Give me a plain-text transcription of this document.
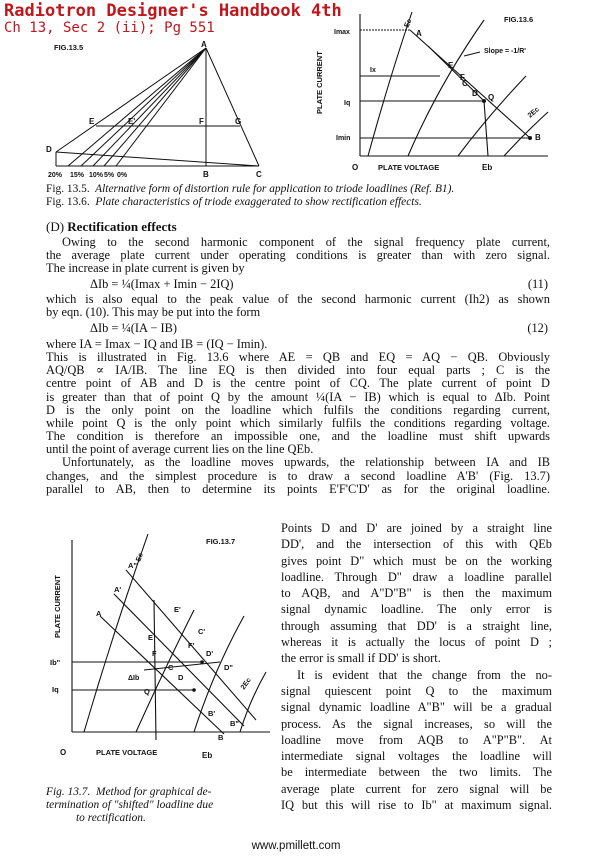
Radiotron Designer's Handbook 4th
Ch 13, Sec 2 (ii); Pg 551
FIG.13.5	A
E	E'	F	G
D
B	C
20% 15% 10% 5% 0%
FIG.13.6
PLATE CURRENT
PLATE VOLTAGE
O	Eb
Imax
Ix
Iq
Imin
Slope = -1/R'
Ec
2Ec
A
E
F
Q
B
D
C
Fig. 13.5. Alternative form of distortion rule for application to triode loadlines (Ref. B1).
Fig. 13.6. Plate characteristics of triode exaggerated to show rectification effects.
(D) Rectification effects
Owing to the second harmonic component of the signal frequency plate current,
the average plate current under operating conditions is greater than with zero signal.
The increase in plate current is given by
ΔIb = ¼(Imax + Imin − 2IQ)	(11)
which is also equal to the peak value of the second harmonic current (Ih2) as shown
by eqn. (10). This may be put into the form
ΔIb = ¼(IA − IB)	(12)
where IA = Imax − IQ and IB = (IQ − Imin).
This is illustrated in Fig. 13.6 where AE = QB and EQ = AQ − QB. Obviously
AQ/QB ∝ IA/IB. The line EQ is then divided into four equal parts ; C is the
centre point of AB and D is the centre point of CQ. The plate current of point D
is greater than that of point Q by the amount ¼(IA − IB) which is equal to ΔIb. Point
D is the only point on the loadline which fulfils the conditions regarding current,
while point Q is the only point which similarly fulfils the conditions regarding voltage.
The condition is therefore an impossible one, and the loadline must shift upwards
until the point of average current lies on the line QEb.
Unfortunately, as the loadline moves upwards, the relationship between IA and IB
changes, and the simplest procedure is to draw a second loadline A'B' (Fig. 13.7)
parallel to AB, then to determine its points E'F'C'D' as for the original loadline.
Points D and D' are joined by a straight line
DD', and the intersection of this with QEb
gives point D" which must be on the working
loadline. Through D" draw a loadline parallel
to AQB, and A"D"B" is then the maximum
signal dynamic loadline. The only error is
through assuming that DD' is a straight line,
whereas it is actually the locus of point D ;
the error is small if DD' is short.
It is evident that the change from the no-
signal quiescent point Q to the maximum
signal dynamic loadline A"B" will be a gradual
process. As the signal increases, so will the
loadline move from AQB to A"P"B". At
intermediate signal voltages the loadline will
be intermediate between the two limits. The
average plate current for zero signal will be
IQ but this will rise to Ib" at maximum signal.
FIG.13.7
PLATE CURRENT
PLATE VOLTAGE
O	Eb
Ib"
Iq
ΔIb
Ec
2Ec
A"
A'
A	E'
C'
E
D'
F'
F
D"
C
D
Q
B'
B"
B
Fig. 13.7. Method for graphical de-
termination of "shifted" loadline due
to rectification.
www.pmillett.com
